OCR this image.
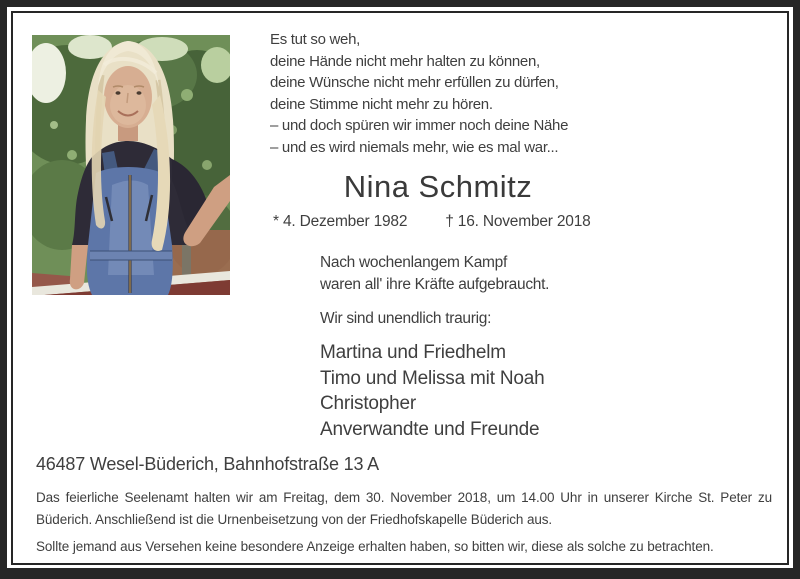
Es tut so weh,
deine Hände nicht mehr halten zu können,
deine Wünsche nicht mehr erfüllen zu dürfen,
deine Stimme nicht mehr zu hören.
– und doch spüren wir immer noch deine Nähe
– und es wird niemals mehr, wie es mal war...
Nina Schmitz
* 4. Dezember 1982 † 16. November 2018
Nach wochenlangem Kampf
waren all' ihre Kräfte aufgebraucht.
Wir sind unendlich traurig:
Martina und Friedhelm
Timo und Melissa mit Noah
Christopher
Anverwandte und Freunde
46487 Wesel-Büderich, Bahnhofstraße 13 A
Das feierliche Seelenamt halten wir am Freitag, dem 30. November 2018, um 14.00 Uhr in unserer Kirche St. Peter zu Büderich. Anschließend ist die Urnenbeisetzung von der Friedhofskapelle Büderich aus.
Sollte jemand aus Versehen keine besondere Anzeige erhalten haben, so bitten wir, diese als solche zu betrachten.
